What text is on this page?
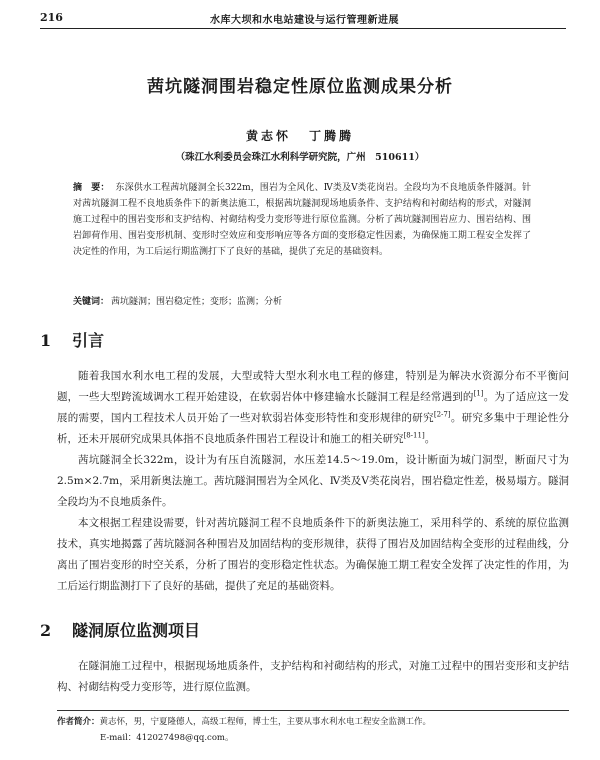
216	水库大坝和水电站建设与运行管理新进展
茜坑隧洞围岩稳定性原位监测成果分析
黄志怀 丁腾腾
（珠江水利委员会珠江水利科学研究院，广州　510611）
摘　要： 东深供水工程茜坑隧洞全长322m，围岩为全风化、Ⅳ类及Ⅴ类花岗岩。全段均为不良地质条件隧洞。针对茜坑隧洞工程不良地质条件下的新奥法施工，根据茜坑隧洞现场地质条件、支护结构和衬砌结构的形式，对隧洞施工过程中的围岩变形和支护结构、衬砌结构受力变形等进行原位监测。分析了茜坑隧洞围岩应力、围岩结构、围岩卸荷作用、围岩变形机制、变形时空效应和变形响应等各方面的变形稳定性因素，为确保施工期工程安全发挥了决定性的作用，为工后运行期监测打下了良好的基础，提供了充足的基础资料。
关键词： 茜坑隧洞；围岩稳定性；变形；监测；分析
1 引言

随着我国水利水电工程的发展，大型或特大型水利水电工程的修建，特别是为解决水资源分布不平衡问题，一些大型跨流域调水工程开始建设，在软弱岩体中修建输水长隧洞工程是经常遇到的[1]。为了适应这一发展的需要，国内工程技术人员开始了一些对软弱岩体变形特性和变形规律的研究[2-7]。研究多集中于理论性分析，还未开展研究成果具体指不良地质条件围岩工程设计和施工的相关研究[8-11]。

茜坑隧洞全长322m，设计为有压自流隧洞，水压差14.5～19.0m，设计断面为城门洞型，断面尺寸为2.5m×2.7m，采用新奥法施工。茜坑隧洞围岩为全风化、Ⅳ类及Ⅴ类花岗岩，围岩稳定性差，极易塌方。隧洞全段均为不良地质条件。

本文根据工程建设需要，针对茜坑隧洞工程不良地质条件下的新奥法施工，采用科学的、系统的原位监测技术，真实地揭露了茜坑隧洞各种围岩及加固结构的变形规律，获得了围岩及加固结构全变形的过程曲线，分离出了围岩变形的时空关系，分析了围岩的变形稳定性状态。为确保施工期工程安全发挥了决定性的作用，为工后运行期监测打下了良好的基础，提供了充足的基础资料。

2 隧洞原位监测项目

在隧洞施工过程中，根据现场地质条件，支护结构和衬砌结构的形式，对施工过程中的围岩变形和支护结构、衬砌结构受力变形等，进行原位监测。

作者简介：黄志怀，男，宁夏隆德人，高级工程师，博士生，主要从事水利水电工程安全监测工作。
E-mail：412027498@qq.com。
